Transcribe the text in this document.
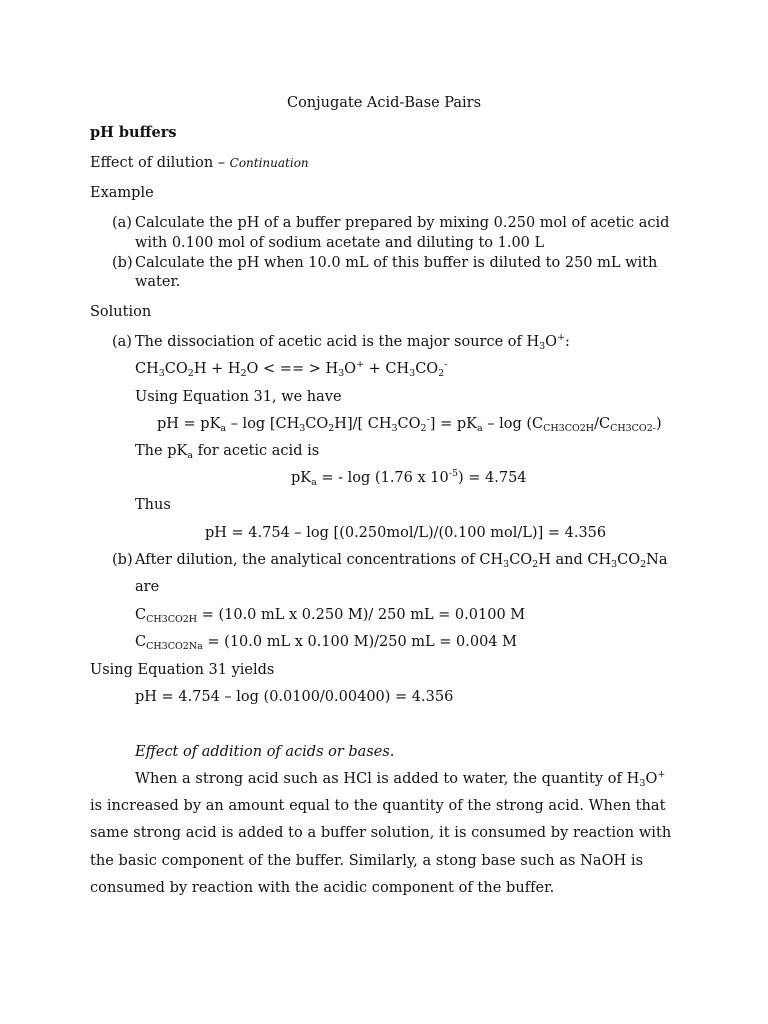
Conjugate Acid-Base Pairs
pH buffers
Effect of dilution – Continuation
Example
(a) Calculate the pH of a buffer prepared by mixing 0.250 mol of acetic acid
with 0.100 mol of sodium acetate and diluting to 1.00 L
(b) Calculate the pH when 10.0 mL of this buffer is diluted to 250 mL with
water.
Solution
(a) The dissociation of acetic acid is the major source of $H_3O^+$:
$CH_3CO_2H + H_2O$ < == > $H_3O^+ + CH_3CO_2^-$
Using Equation 31, we have
pH = $pK_a$ – $\log [CH_3CO_2H]/$[ $CH_3CO_2^-] = pK_a - \log (C_{CH3CO2H}/C_{CH3CO2-})$
The $pK_a$ for acetic acid is
$pK_a$ = - log (1.76 x $10^{-5}) = 4.754$
Thus
pH = 4.754 – log [(0.250mol/L)/(0.100 mol/L)] = 4.356
(b) After dilution, the analytical concentrations of $CH_3CO_2H$ and $CH_3CO_2Na$
are
$C_{CH3CO2H} = (10.0$ mL x 0.250 M)/ 250 mL = 0.0100 M
$C_{CH3CO2Na} = (10.0$ mL x 0.100 M)/250 mL = 0.004 M
Using Equation 31 yields
pH = 4.754 – log (0.0100/0.00400) = 4.356
Effect of addition of acids or bases.
When a strong acid such as HCl is added to water, the quantity of $H_3O^+$
is increased by an amount equal to the quantity of the strong acid. When that
same strong acid is added to a buffer solution, it is consumed by reaction with
the basic component of the buffer. Similarly, a stong base such as NaOH is
consumed by reaction with the acidic component of the buffer.
